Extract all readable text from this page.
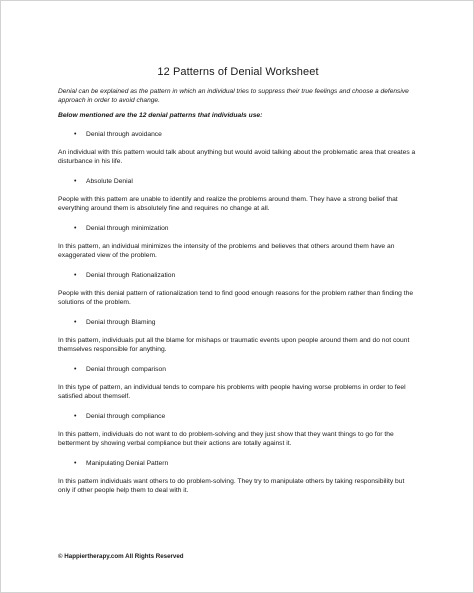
12 Patterns of Denial Worksheet
Denial can be explained as the pattern in which an individual tries to suppress their true feelings and choose a defensive approach in order to avoid change.
Below mentioned are the 12 denial patterns that individuals use:
•	Denial through avoidance
An individual with this pattern would talk about anything but would avoid talking about the problematic area that creates a disturbance in his life.
•	Absolute Denial
People with this pattern are unable to identify and realize the problems around them. They have a strong belief that everything around them is absolutely fine and requires no change at all.
•	Denial through minimization
In this pattern, an individual minimizes the intensity of the problems and believes that others around them have an exaggerated view of the problem.
•	Denial through Rationalization
People with this denial pattern of rationalization tend to find good enough reasons for the problem rather than finding the solutions of the problem.
•	Denial through Blaming
In this pattern, individuals put all the blame for mishaps or traumatic events upon people around them and do not count themselves responsible for anything.
•	Denial through comparison
In this type of pattern, an individual tends to compare his problems with people having worse problems in order to feel satisfied about themself.
•	Denial through compliance
In this pattern, individuals do not want to do problem-solving and they just show that they want things to go for the betterment by showing verbal compliance but their actions are totally against it.
•	Manipulating Denial Pattern
In this pattern individuals want others to do problem-solving. They try to manipulate others by taking responsibility but only if other people help them to deal with it.
© Happiertherapy.com All Rights Reserved
